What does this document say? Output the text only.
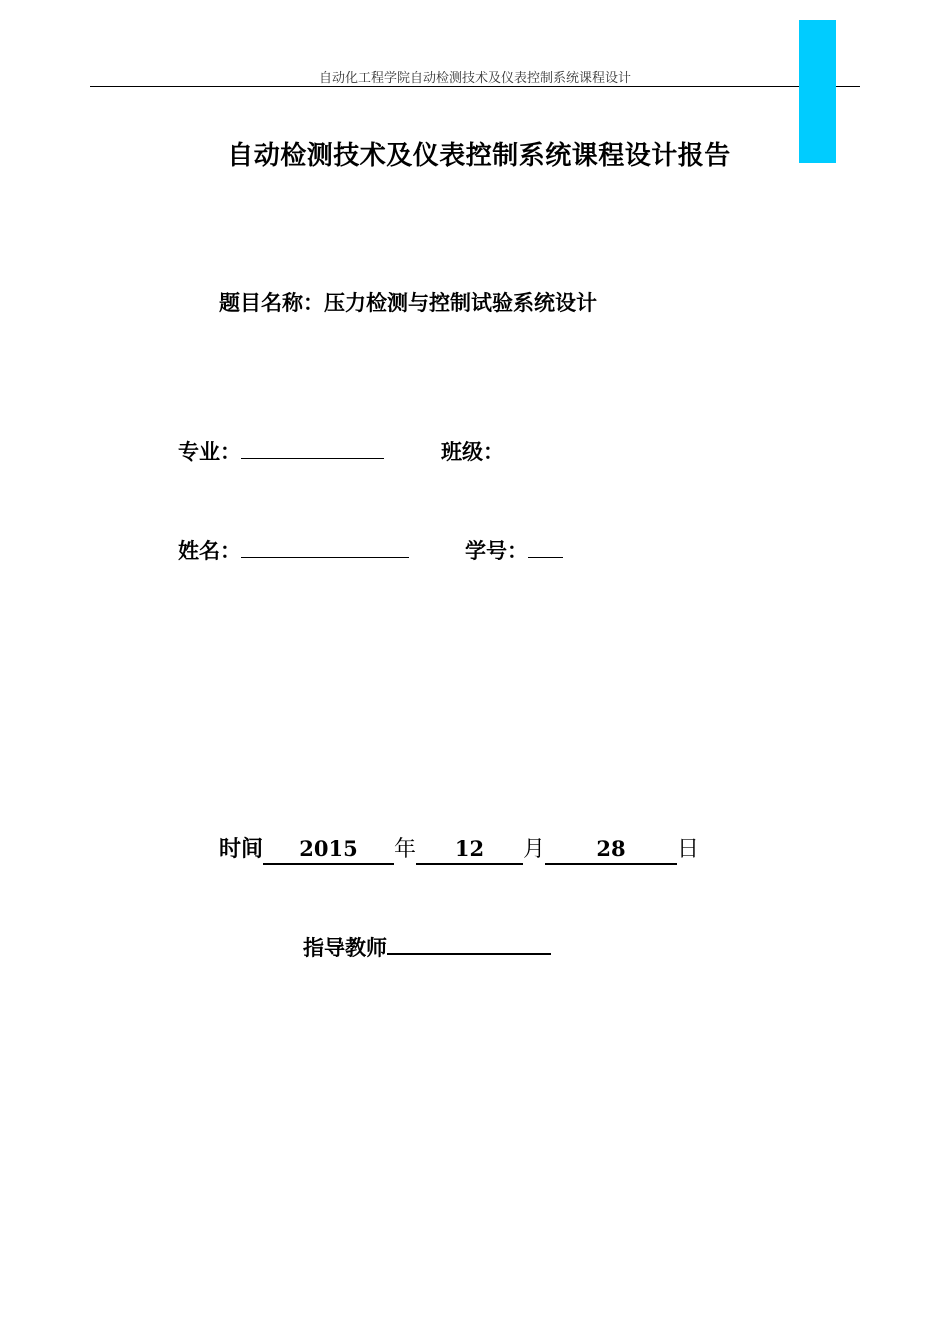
自动化工程学院自动检测技术及仪表控制系统课程设计
自动检测技术及仪表控制系统课程设计报告
题目名称：压力检测与控制试验系统设计
专业：	班级：
姓名：	学号：
时间 2015 年 12 月 28 日
指导教师
